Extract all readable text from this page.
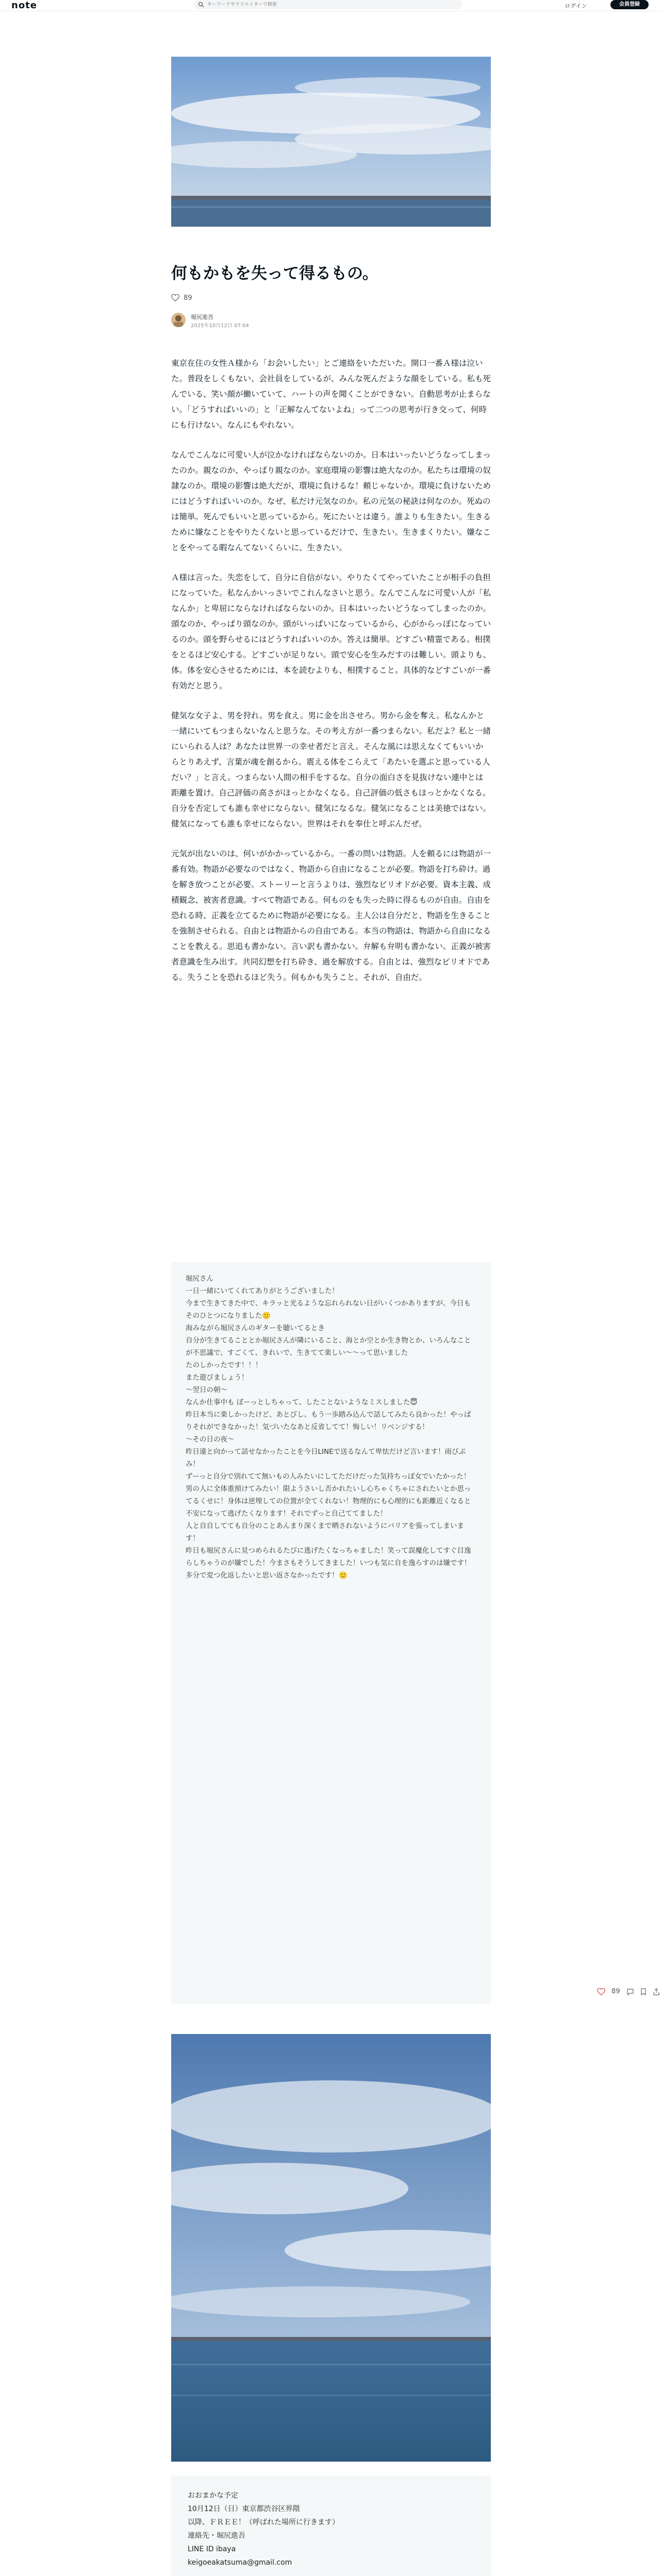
note
キーワードやクリエイターで検索	ログイン	会員登録
何もかもを失って得るもの。
89
堀尻進吾
2025年10月12日 07:04

東京在住の女性Ａ様から「お会いしたい」とご連絡をいただいた。開口一番Ａ様は泣いた。普段をしくもない、会社員をしているが、みんな死んだような顔をしている。私も死んでいる、笑い顔が働いていて、ハートの声を聞くことができない。自動思考が止まらない。「どうすればいいの」と「正解なんてないよね」って二つの思考が行き交って、何時にも行けない。なんにもやれない。

なんでこんなに可愛い人が泣かなければならないのか。日本はいったいどうなってしまったのか。親なのか、やっぱり親なのか。家庭環境の影響は絶大なのか。私たちは環境の奴隷なのか。環境の影響は絶大だが、環境に負けるな！頼じゃないか。環境に負けないためにはどうすればいいのか。なぜ、私だけ元気なのか。私の元気の秘訣は何なのか。死ぬのは簡単。死んでもいいと思っているから。死にたいとは違う。誰よりも生きたい。生きるために嫌なことをやりたくないと思っているだけで、生きたい。生きまくりたい。嫌なことをやってる暇なんてないくらいに、生きたい。

Ａ様は言った。失恋をして、自分に自信がない。やりたくてやっていたことが相手の負担になっていた。私なんかいっさいでこれんなさいと思う。なんでこんなに可愛い人が「私なんか」と卑屈にならなければならないのか。日本はいったいどうなってしまったのか。頭なのか、やっぱり頭なのか。頭がいっぱいになっているから、心がからっぽになっているのか。頭を野らせるにはどうすればいいのか。答えは簡単。どすごい精霊である。相撲をとるほど安心する。どすごいが足りない。頭で安心を生みだすのは難しい。頭よりも、体。体を安心させるためには、本を読むよりも、相撲すること。具体的などすごいが一番有効だと思う。

健気な女子よ、男を狩れ。男を食え。男に金を出させろ。男から金を奪え。私なんかと一緒にいてもつまらないなんと思うな。その考え方が一番つまらない。私だよ？私と一緒にいられる人は？あなたは世界一の幸せ者だと言え。そんな風には思えなくてもいいからとりあえず、言葉が魂を創るから。震える体をこらえて「あたいを選ぶと思っている人だい？」と言え。つまらない人間の相手をするな。自分の面白さを見抜けない連中とは距離を置け。自己評価の高さがほっとかなくなる。自己評価の低さもほっとかなくなる。自分を否定しても誰も幸せにならない。健気になるな。健気になることは美徳ではない。健気になっても誰も幸せにならない。世界はそれを奉仕と呼ぶんだぜ。

元気が出ないのは、何いがかかっているから。一番の問いは物語。人を頼るには物語が一番有効。物語が必要なのではなく、物語から自由になることが必要。物語を打ち砕け。過を解き放つことが必要。ストーリーと言うよりは、強烈なビリオドが必要。資本主義、成積観念、被害者意識。すべて物語である。何ものをも失った時に得るものが自由。自由を恐れる時、正義を立てるために物語が必要になる。主人公は自分だと、物語を生きることを強制させられる。自由とは物語からの自由である。本当の物語は、物語から自由になることを教える。思追も書かない。言い訳も書かない。弁解も弁明も書かない。正義が被害者意識を生み出す。共同幻想を打ち砕き、過を解放する。自由とは、強烈なピリオドである。失うことを恐れるほど失う。何もかも失うこと。それが、自由だ。

堀尻さん

一日一緒にいてくれてありがとうございました！

今まで生きてきた中で、キラッと光るような忘れられない日がいくつかありますが、今日もそのひとつになりました🙂

海みながら堀尻さんのギターを聴いてるとき

自分が生きてることとか堀尻さんが隣にいること、海とか空とか生き物とか、いろんなことが不思議で、すごくて、きれいで、生きてて楽しい〜〜って思いました

たのしかったです！！！

また遊びましょう！

〜翌日の朝〜

なんか仕事中も ぼーっとしちゃって、したことないようなミスしました😇

昨日本当に楽しかったけど、あとびし、もう一歩踏み込んで話してみたら良かった！やっぱりそれができなかった！気づいたなあと反省してて！悔しい！リベンジする！

〜その日の夜〜

昨日違と向かって話せなかったことを今日LINEで送るなんて卑怯だけど言います！雨びぷみ！

ずーっと自分で別れてて無いもの人みたいにしてただけだった気持ちっぽ女でいたかった！

男の人に全体重預けてみたい！限ようさいし否かれたいし心ちゃくちゃにされたいとか思ってるくせに！身体は逆埋しての位置が全てくれない！物理的にも心理的にも距離近くなると不安になって逃げたくなります！それでずっと自己ててました！

人と自自してても自分のことあんまり深くまで晒されないようにバリアを張ってしまいます！

昨日も堀尻さんに見つめられるたびに逃げたくなっちゃました！笑って誤魔化してすぐ目逸らしちゃうのが嫌でした！今まさもそうしてきました！いつも気に自を逸らすのは嫌です！多分で変つ化返したいと思い返さなかったです！🙂

89

おおまかな予定

10月12日（日）東京都渋谷区界隈

以降、ＦＲＥＥ！（呼ばれた場所に行きます）

連絡先・堀尻進吾

LINE ID ibaya

keigoeakatsuma@gmail.com
